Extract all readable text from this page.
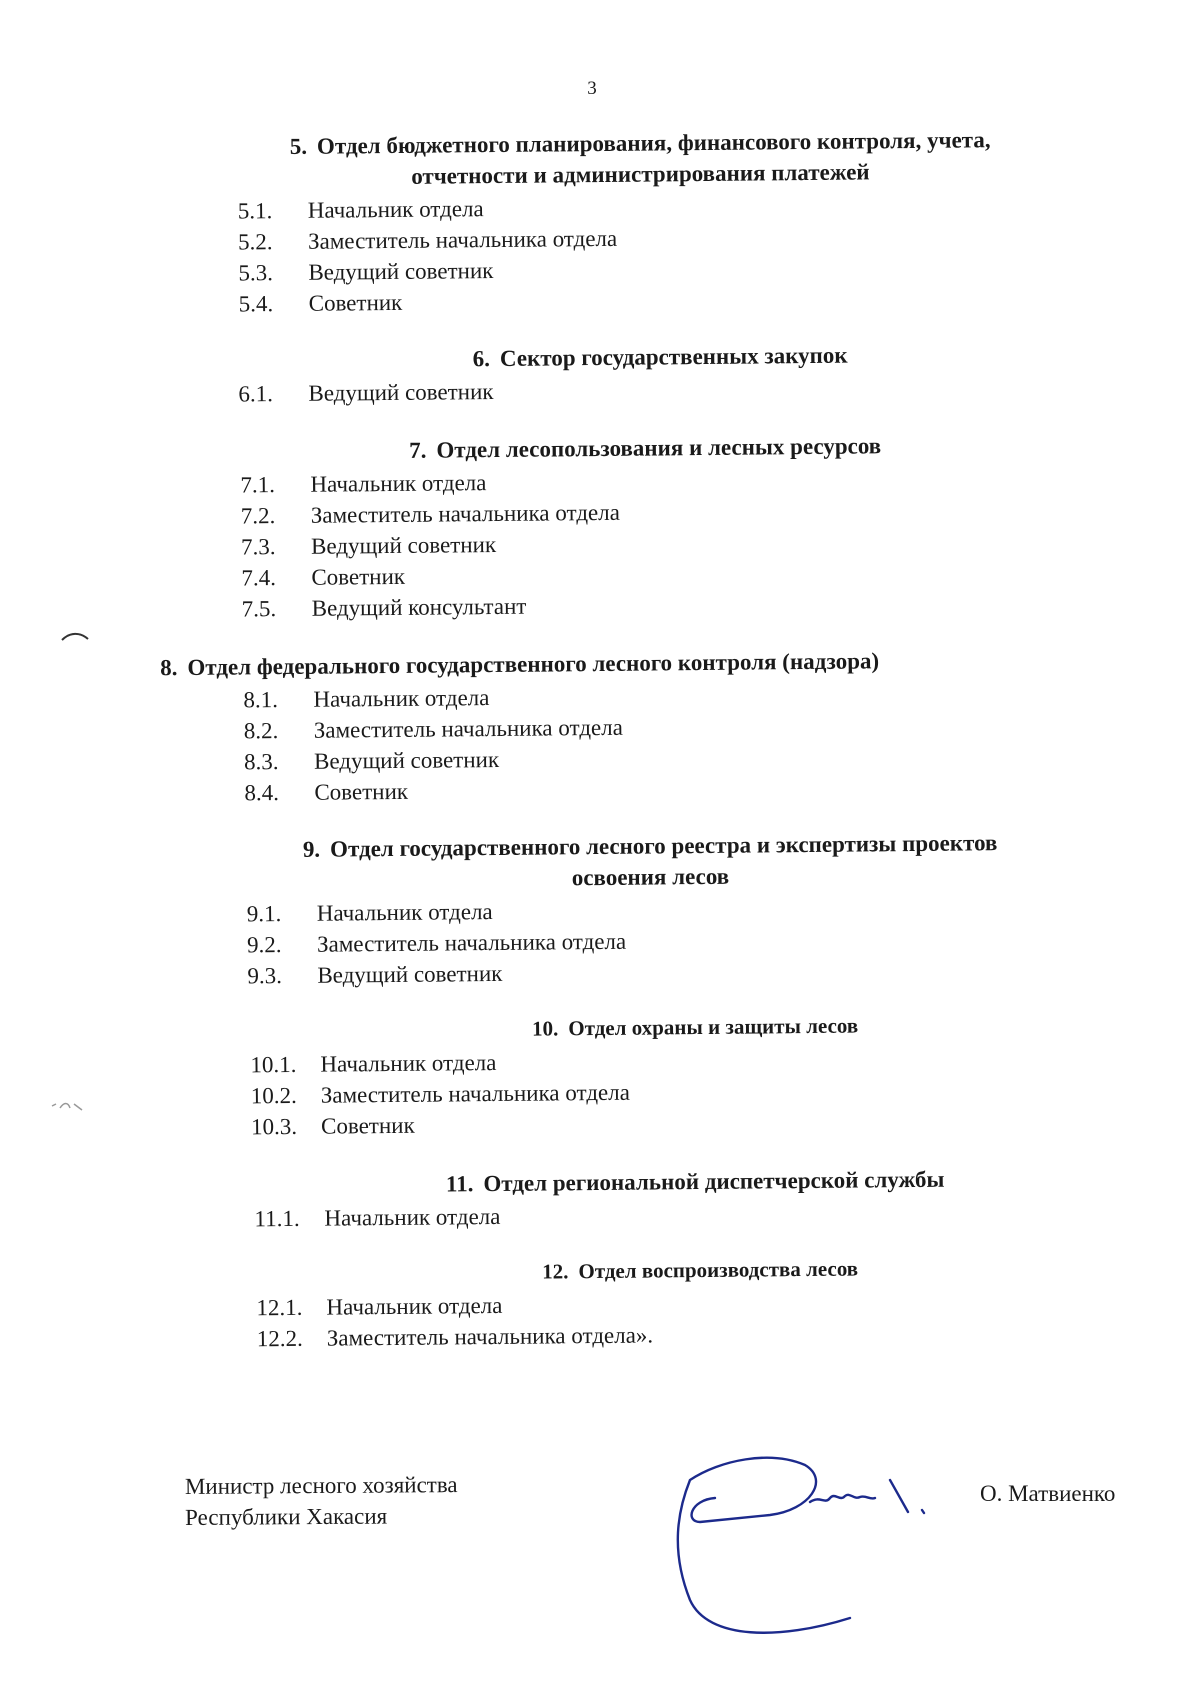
3
5. Отдел бюджетного планирования, финансового контроля, учета,
отчетности и администрирования платежей
5.1.	Начальник отдела
5.2.	Заместитель начальника отдела
5.3.	Ведущий советник
5.4.	Советник
6. Сектор государственных закупок
6.1.	Ведущий советник
7. Отдел лесопользования и лесных ресурсов
7.1.	Начальник отдела
7.2.	Заместитель начальника отдела
7.3.	Ведущий советник
7.4.	Советник
7.5.	Ведущий консультант
8. Отдел федерального государственного лесного контроля (надзора)
8.1.	Начальник отдела
8.2.	Заместитель начальника отдела
8.3.	Ведущий советник
8.4.	Советник
9. Отдел государственного лесного реестра и экспертизы проектов
освоения лесов
9.1.	Начальник отдела
9.2.	Заместитель начальника отдела
9.3.	Ведущий советник
10. Отдел охраны и защиты лесов
10.1.	Начальник отдела
10.2.	Заместитель начальника отдела
10.3.	Советник
11. Отдел региональной диспетчерской службы
11.1.	Начальник отдела
12. Отдел воспроизводства лесов
12.1.	Начальник отдела
12.2.	Заместитель начальника отдела».
Министр лесного хозяйства
Республики Хакасия
О. Матвиенко
